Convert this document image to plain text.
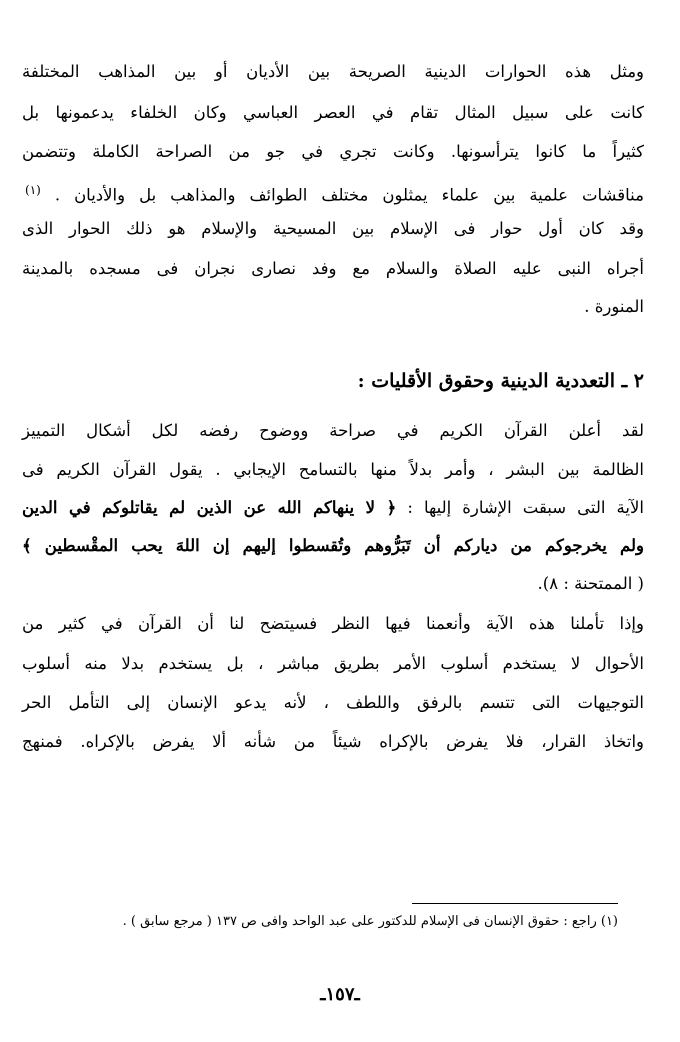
ومثل هذه الحوارات الدينية الصريحة بين الأديان أو بين المذاهب المختلفة
كانت على سبيل المثال تقام في العصر العباسي وكان الخلفاء يدعمونها بل
كثيراً ما كانوا يترأسونها. وكانت تجري في جو من الصراحة الكاملة وتتضمن
مناقشات علمية بين علماء يمثلون مختلف الطوائف والمذاهب بل والأديان . $^{(١)}$
وقد كان أول حوار فى الإسلام بين المسيحية والإسلام هو ذلك الحوار الذى
أجراه النبى عليه الصلاة والسلام مع وفد نصارى نجران فى مسجده بالمدينة
المنورة .
٢ ـ التعددية الدينية وحقوق الأقليات :
لقد أعلن القرآن الكريم في صراحة ووضوح رفضه لكل أشكال التمييز
الظالمة بين البشر ، وأمر بدلاً منها بالتسامح الإيجابي . يقول القرآن الكريم فى
الآية التى سبقت الإشارة إليها : ﴿ لا ينهاكم الله عن الذين لم يقاتلوكم في الدين
ولم يخرجوكم من دياركم أن تَبَرُّوهم وتُقسطوا إليهم إن اللهَ يحب المقْسطين ﴾
( الممتحنة : ٨).
وإذا تأملنا هذه الآية وأنعمنا فيها النظر فسيتضح لنا أن القرآن في كثير من
الأحوال لا يستخدم أسلوب الأمر بطريق مباشر ، بل يستخدم بدلا منه أسلوب
التوجيهات التى تتسم بالرفق واللطف ، لأنه يدعو الإنسان إلى التأمل الحر
واتخاذ القرار، فلا يفرض بالإكراه شيئاً من شأنه ألا يفرض بالإكراه. فمنهج
(١) راجع : حقوق الإنسان فى الإسلام للدكتور على عبد الواحد وافى ص ١٣٧ ( مرجع سابق ) .
ـ١٥٧ـ
